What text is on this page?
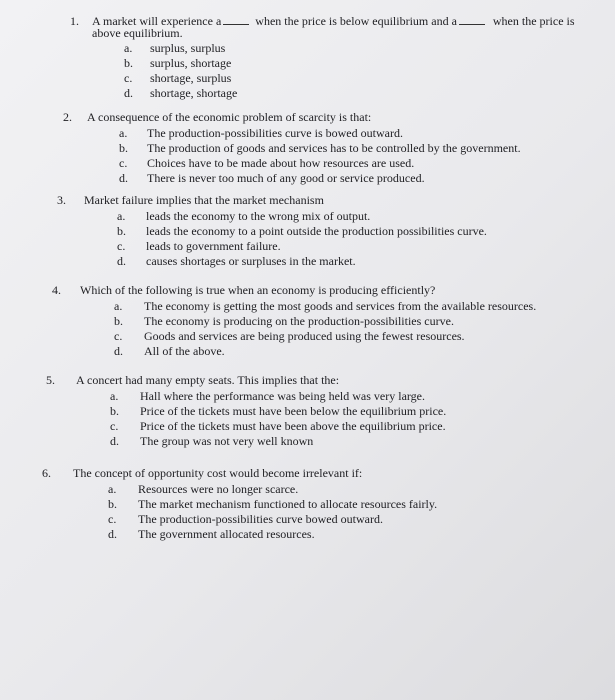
1. A market will experience a	when the price is below equilibrium and a	when the price is
above equilibrium.
a. surplus, surplus
b. surplus, shortage
c. shortage, surplus
d. shortage, shortage
2. A consequence of the economic problem of scarcity is that:
a. The production-possibilities curve is bowed outward.
b. The production of goods and services has to be controlled by the government.
c. Choices have to be made about how resources are used.
d. There is never too much of any good or service produced.
3. Market failure implies that the market mechanism
a. leads the economy to the wrong mix of output.
b. leads the economy to a point outside the production possibilities curve.
c. leads to government failure.
d. causes shortages or surpluses in the market.
4. Which of the following is true when an economy is producing efficiently?
a. The economy is getting the most goods and services from the available resources.
b. The economy is producing on the production-possibilities curve.
c. Goods and services are being produced using the fewest resources.
d. All of the above.
5. A concert had many empty seats. This implies that the:
a. Hall where the performance was being held was very large.
b. Price of the tickets must have been below the equilibrium price.
c. Price of the tickets must have been above the equilibrium price.
d. The group was not very well known
6. The concept of opportunity cost would become irrelevant if:
a. Resources were no longer scarce.
b. The market mechanism functioned to allocate resources fairly.
c. The production-possibilities curve bowed outward.
d. The government allocated resources.
